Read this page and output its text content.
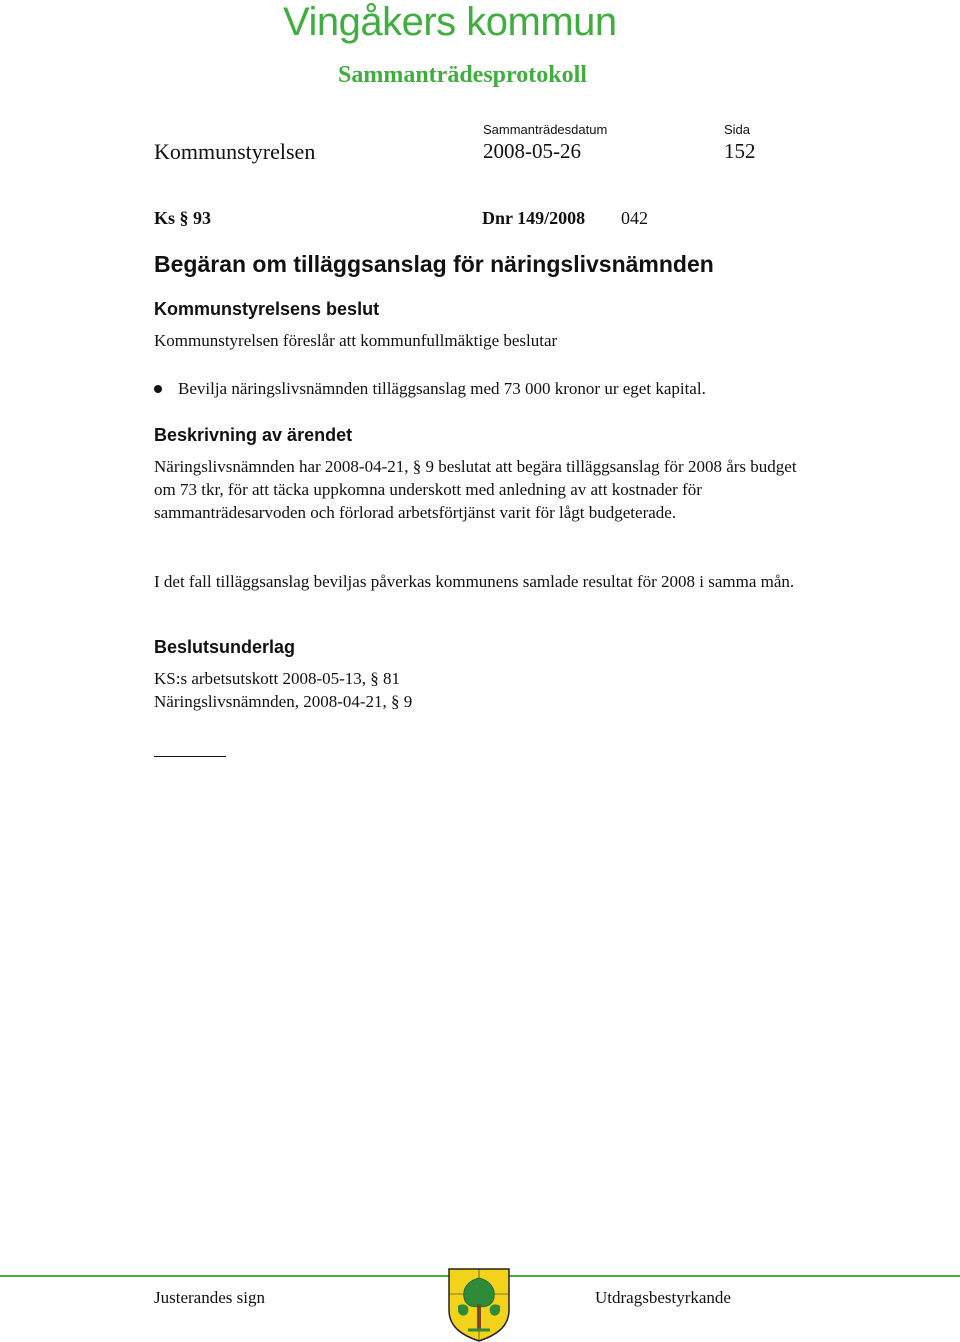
Vingåkers kommun
Sammanträdesprotokoll
Sammanträdesdatum	Sida
Kommunstyrelsen	2008-05-26	152
Ks § 93	Dnr 149/2008 042
Begäran om tilläggsanslag för näringslivsnämnden
Kommunstyrelsens beslut
Kommunstyrelsen föreslår att kommunfullmäktige beslutar
Bevilja näringslivsnämnden tilläggsanslag med 73 000 kronor ur eget kapital.
Beskrivning av ärendet
Näringslivsnämnden har 2008-04-21, § 9 beslutat att begära tilläggsanslag för 2008 års budget om 73 tkr, för att täcka uppkomna underskott med anledning av att kostnader för sammanträdesarvoden och förlorad arbetsförtjänst varit för lågt budgeterade.
I det fall tilläggsanslag beviljas påverkas kommunens samlade resultat för 2008 i samma mån.
Beslutsunderlag
KS:s arbetsutskott 2008-05-13, § 81
Näringslivsnämnden, 2008-04-21, § 9
Justerandes sign	Utdragsbestyrkande
